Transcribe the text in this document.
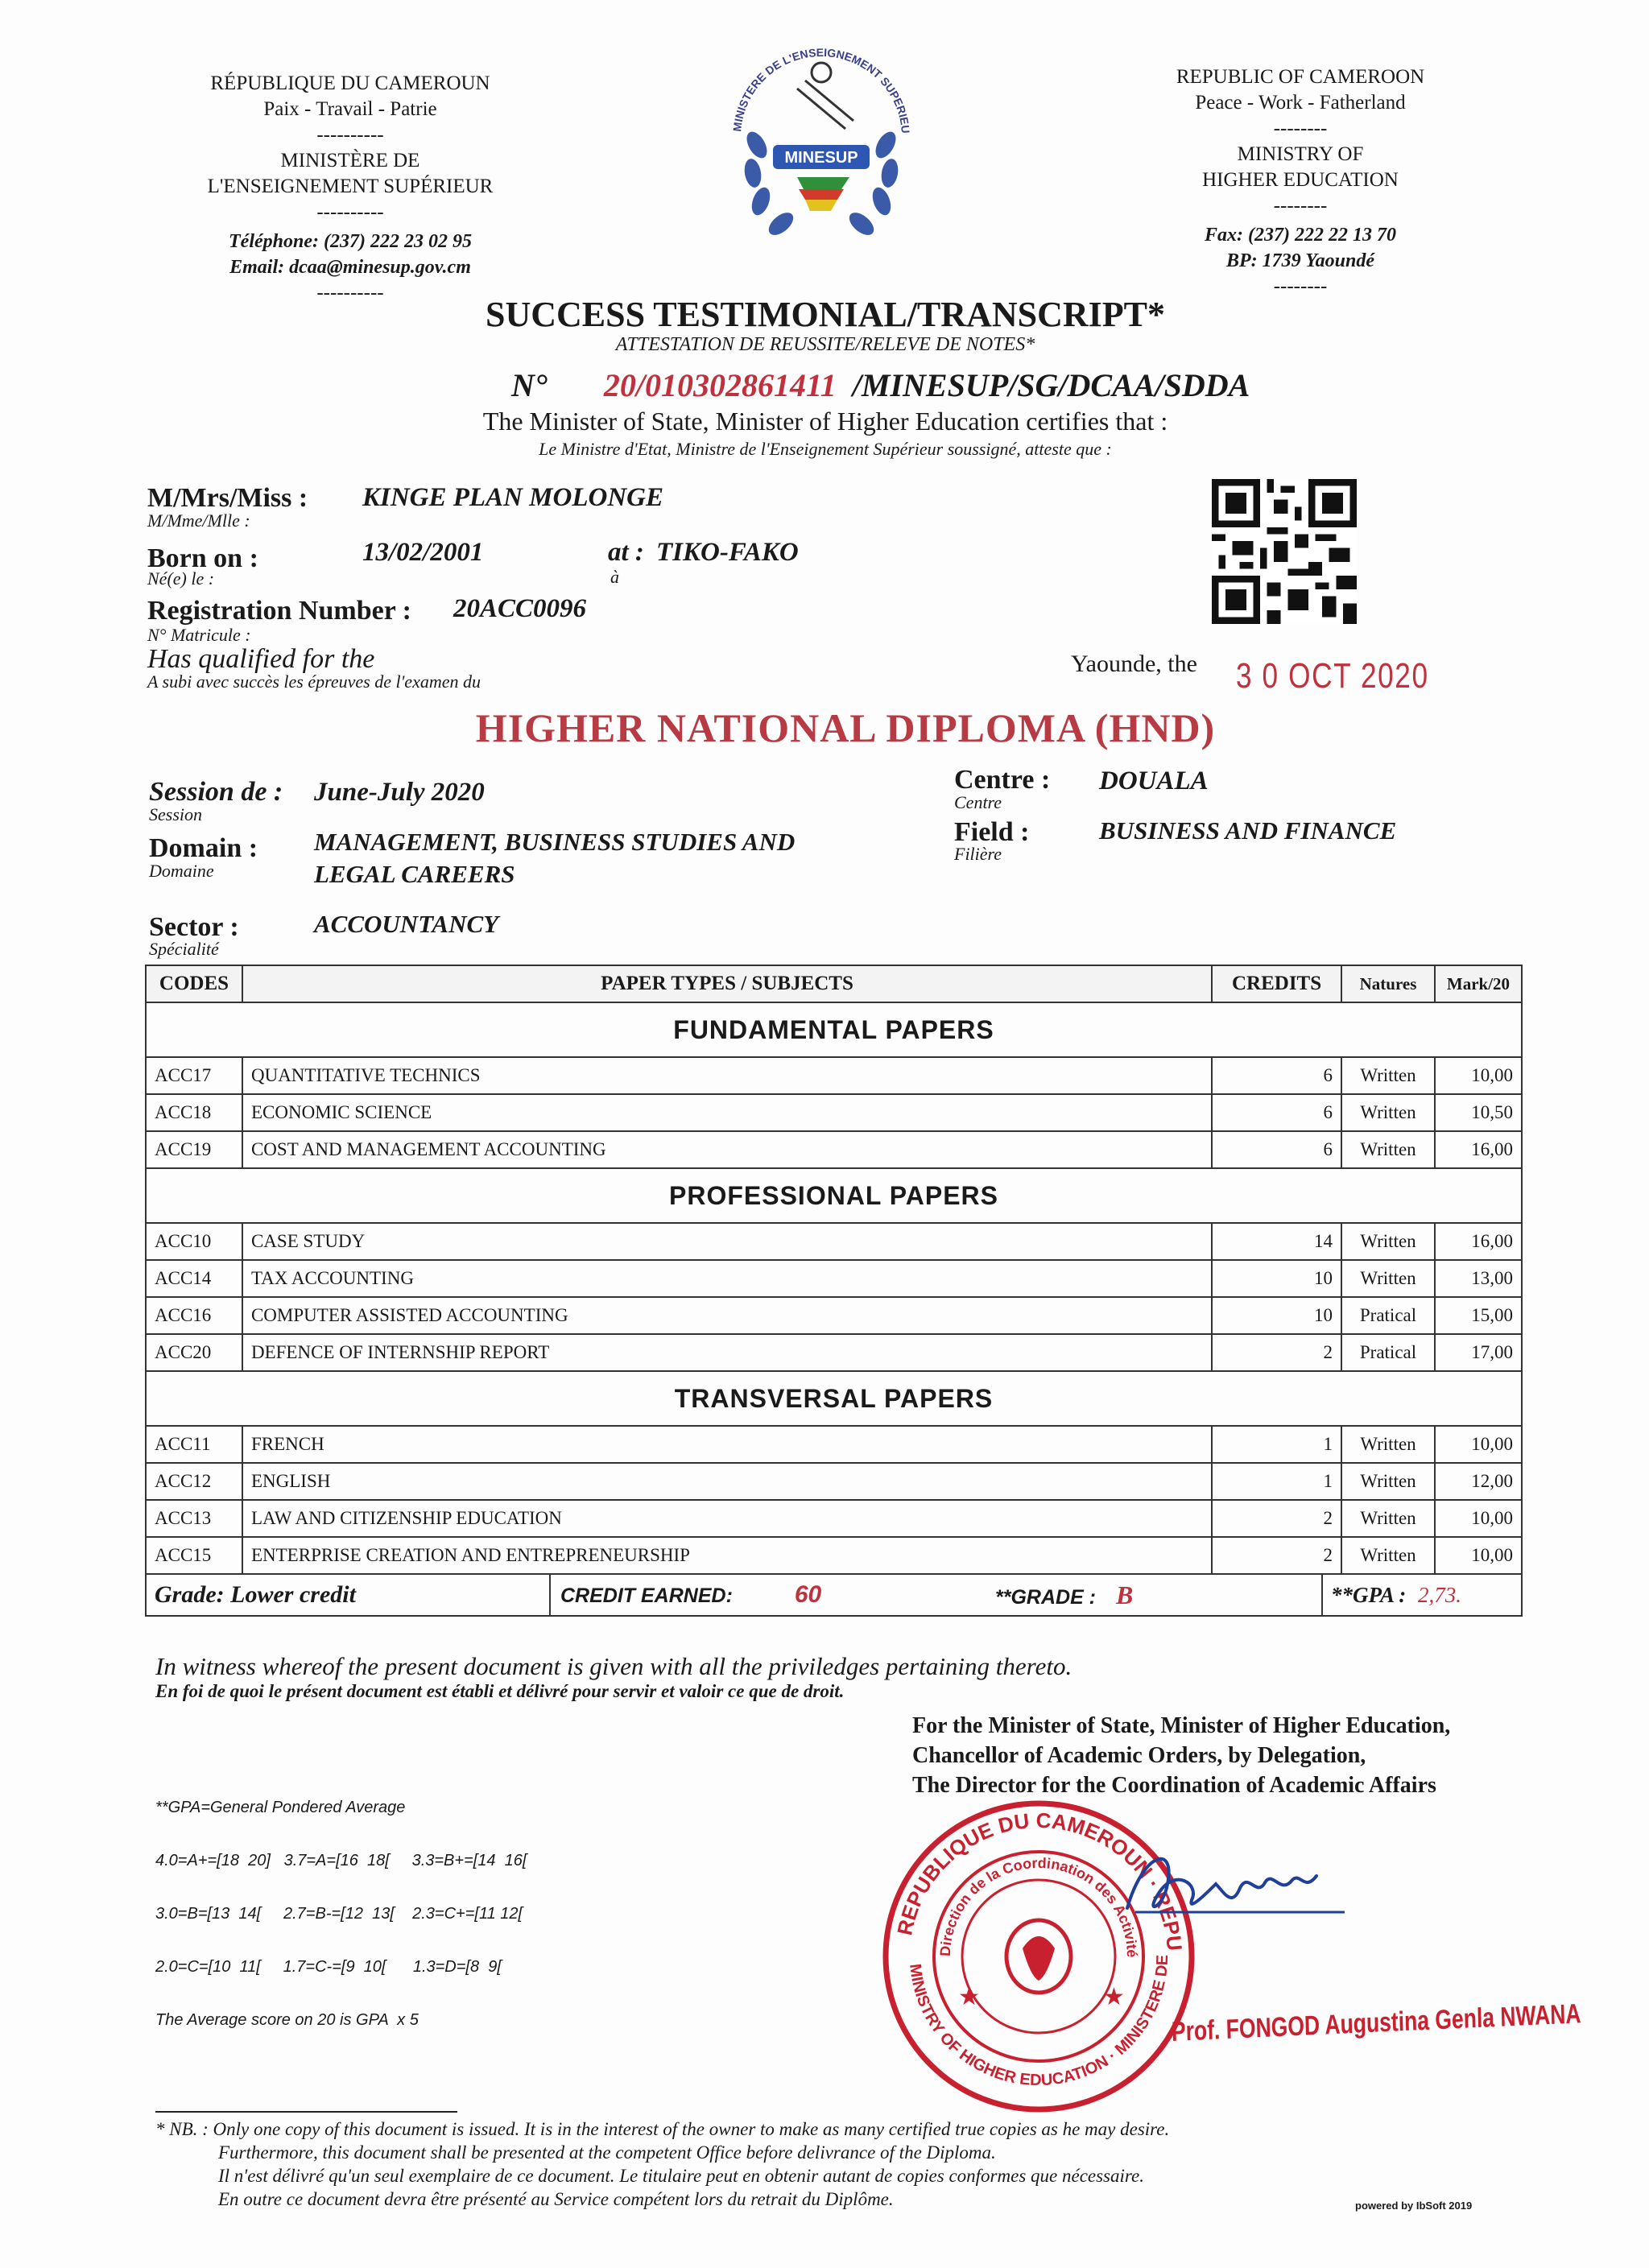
RÉPUBLIQUE DU CAMEROUN
Paix - Travail - Patrie
----------
MINISTÈRE DE
L'ENSEIGNEMENT SUPÉRIEUR
----------
Téléphone: (237) 222 23 02 95
Email: dcaa@minesup.gov.cm
----------
MINISTERE DE L'ENSEIGNEMENT SUPERIEU
MINESUP
REPUBLIC OF CAMEROON
Peace - Work - Fatherland
--------
MINISTRY OF
HIGHER EDUCATION
--------
Fax: (237) 222 22 13 70
BP: 1739 Yaoundé
--------
SUCCESS TESTIMONIAL/TRANSCRIPT*
ATTESTATION DE REUSSITE/RELEVE DE NOTES*
N° 20/010302861411 /MINESUP/SG/DCAA/SDDA
The Minister of State, Minister of Higher Education certifies that :
Le Ministre d'Etat, Ministre de l'Enseignement Supérieur soussigné, atteste que :
M/Mrs/Miss :
M/Mme/Mlle :
KINGE PLAN MOLONGE
Born on :
Né(e) le :
13/02/2001	at :
à
TIKO-FAKO
Registration Number :
N° Matricule :
20ACC0096
Has qualified for the
A subi avec succès les épreuves de l'examen du
Yaounde, the 3 0 OCT 2020
HIGHER NATIONAL DIPLOMA (HND)
Session de :
Session
June-July 2020
Domain :
Domaine
MANAGEMENT, BUSINESS STUDIES AND
LEGAL CAREERS
Sector :
Spécialité
ACCOUNTANCY
Centre :
Centre
DOUALA
Field :
Filière
BUSINESS AND FINANCE
CODES	PAPER TYPES / SUBJECTS	CREDITS	Natures	Mark/20
FUNDAMENTAL PAPERS				
ACC17	QUANTITATIVE TECHNICS	6	Written	10,00
ACC18	ECONOMIC SCIENCE	6	Written	10,50
ACC19	COST AND MANAGEMENT ACCOUNTING	6	Written	16,00
PROFESSIONAL PAPERS				
ACC10	CASE STUDY	14	Written	16,00
ACC14	TAX ACCOUNTING	10	Written	13,00
ACC16	COMPUTER ASSISTED ACCOUNTING	10	Pratical	15,00
ACC20	DEFENCE OF INTERNSHIP REPORT	2	Pratical	17,00
TRANSVERSAL PAPERS				
ACC11	FRENCH	1	Written	10,00
ACC12	ENGLISH	1	Written	12,00
ACC13	LAW AND CITIZENSHIP EDUCATION	2	Written	10,00
ACC15	ENTERPRISE CREATION AND ENTREPRENEURSHIP	2	Written	10,00

Grade: Lower credit CREDIT EARNED: 60 **GRADE : B **GPA : 2,73.				
In witness whereof the present document is given with all the priviledges pertaining thereto.
En foi de quoi le présent document est établi et délivré pour servir et valoir ce que de droit.
For the Minister of State, Minister of Higher Education,
Chancellor of Academic Orders, by Delegation,
The Director for the Coordination of Academic Affairs

**GPA=General Pondered Average

4.0=A+=[18  20]   3.7=A=[16  18[     3.3=B+=[14  16[

3.0=B=[13  14[     2.7=B-=[12  13[    2.3=C+=[11 12[

2.0=C=[10  11[     1.7=C-=[9  10[      1.3=D=[8  9[

The Average score on 20 is GPA  x 5

REPUBLIQUE DU CAMEROUN · REPU
MINISTRY OF HIGHER EDUCATION · MINISTERE DE
Direction de la Coordination des Activité
★	★
Prof. FONGOD Augustina Genla NWANA
* NB. : Only one copy of this document is issued. It is in the interest of the owner to make as many certified true copies as he may desire.
Furthermore, this document shall be presented at the competent Office before delivrance of the Diploma.
Il n'est délivré qu'un seul exemplaire de ce document. Le titulaire peut en obtenir autant de copies conformes que nécessaire.
En outre ce document devra être présenté au Service compétent lors du retrait du Diplôme.	powered by IbSoft 2019
